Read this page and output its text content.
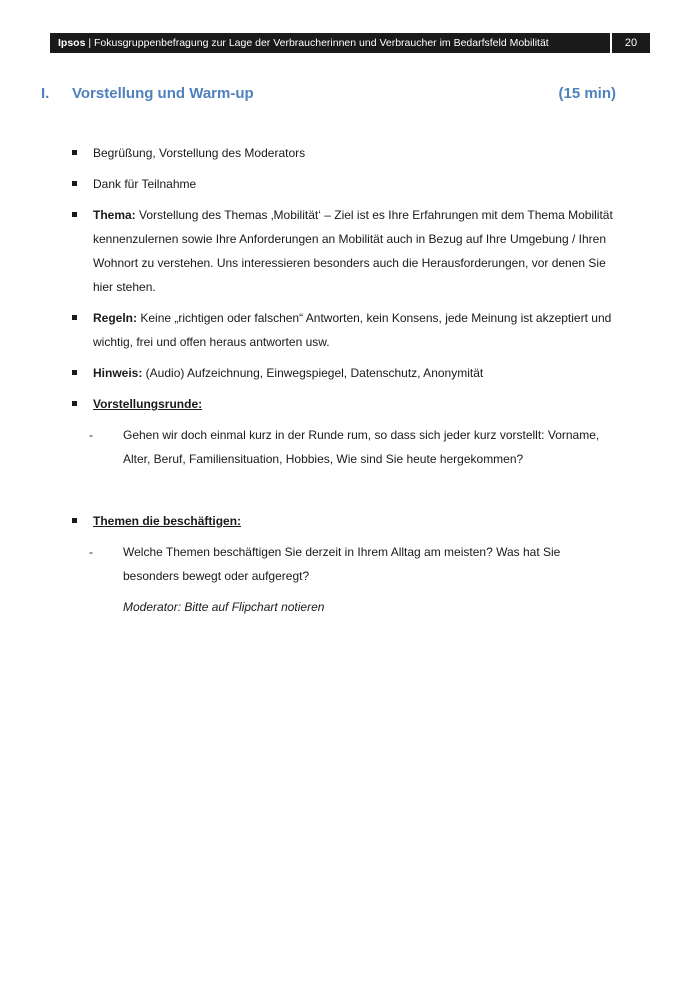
Ipsos | Fokusgruppenbefragung zur Lage der Verbraucherinnen und Verbraucher im Bedarfsfeld Mobilität	20
I. Vorstellung und Warm-up	(15 min)
Begrüßung, Vorstellung des Moderators
Dank für Teilnahme
Thema: Vorstellung des Themas ‚Mobilität‘ – Ziel ist es Ihre Erfahrungen mit dem Thema Mobilität kennenzulernen sowie Ihre Anforderungen an Mobilität auch in Bezug auf Ihre Umgebung / Ihren Wohnort zu verstehen. Uns interessieren besonders auch die Herausforderungen, vor denen Sie hier stehen.
Regeln: Keine „richtigen oder falschen“ Antworten, kein Konsens, jede Meinung ist akzeptiert und wichtig, frei und offen heraus antworten usw.
Hinweis: (Audio) Aufzeichnung, Einwegspiegel, Datenschutz, Anonymität
Vorstellungsrunde:
-	Gehen wir doch einmal kurz in der Runde rum, so dass sich jeder kurz vorstellt: Vorname, Alter, Beruf, Familiensituation, Hobbies, Wie sind Sie heute hergekommen?
Themen die beschäftigen:
-	Welche Themen beschäftigen Sie derzeit in Ihrem Alltag am meisten? Was hat Sie besonders bewegt oder aufgeregt?
Moderator: Bitte auf Flipchart notieren
